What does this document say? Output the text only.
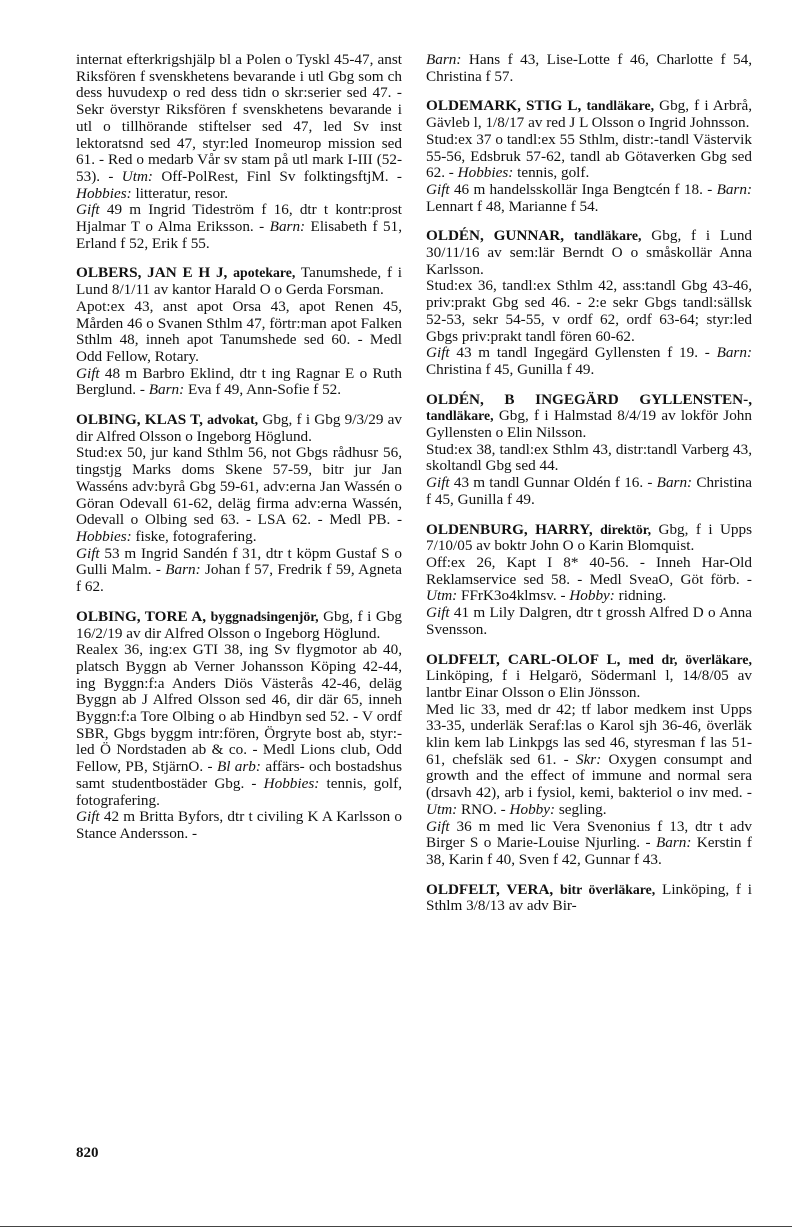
internat efterkrigshjälp bl a Polen o Tyskl 45-47, anst Riksfören f svenskhetens bevarande i utl Gbg som ch dess huvudexp o red dess tidn o skr:serier sed 47. - Sekr överstyr Riksfören f svenskhetens bevarande i utl o tillhörande stiftelser sed 47, led Sv inst lektoratsnd sed 47, styr:led Inomeurop mission sed 61. - Red o medarb Vår sv stam på utl mark I-III (52-53). - Utm: Off-PolRest, Finl Sv folktingsftjM. - Hobbies: litteratur, resor.

Gift 49 m Ingrid Tideström f 16, dtr t kontr:prost Hjalmar T o Alma Eriksson. - Barn: Elisabeth f 51, Erland f 52, Erik f 55.

OLBERS, JAN E H J, apotekare, Tanumshede, f i Lund 8/1/11 av kantor Harald O o Gerda Forsman.

Apot:ex 43, anst apot Orsa 43, apot Renen 45, Mården 46 o Svanen Sthlm 47, förtr:man apot Falken Sthlm 48, inneh apot Tanumshede sed 60. - Medl Odd Fellow, Rotary.

Gift 48 m Barbro Eklind, dtr t ing Ragnar E o Ruth Berglund. - Barn: Eva f 49, Ann-Sofie f 52.

OLBING, KLAS T, advokat, Gbg, f i Gbg 9/3/29 av dir Alfred Olsson o Ingeborg Höglund.

Stud:ex 50, jur kand Sthlm 56, not Gbgs rådhusr 56, tingstjg Marks doms Skene 57-59, bitr jur Jan Wasséns adv:byrå Gbg 59-61, adv:erna Jan Wassén o Göran Odevall 61-62, deläg firma adv:erna Wassén, Odevall o Olbing sed 63. - LSA 62. - Medl PB. - Hobbies: fiske, fotografering.

Gift 53 m Ingrid Sandén f 31, dtr t köpm Gustaf S o Gulli Malm. - Barn: Johan f 57, Fredrik f 59, Agneta f 62.

OLBING, TORE A, byggnadsingenjör, Gbg, f i Gbg 16/2/19 av dir Alfred Olsson o Ingeborg Höglund.

Realex 36, ing:ex GTI 38, ing Sv flygmotor ab 40, platsch Byggn ab Verner Johansson Köping 42-44, ing Byggn:f:a Anders Diös Västerås 42-46, deläg Byggn ab J Alfred Olsson sed 46, dir där 65, inneh Byggn:f:a Tore Olbing o ab Hindbyn sed 52. - V ordf SBR, Gbgs byggm intr:fören, Örgryte bost ab, styr:-led Ö Nordstaden ab & co. - Medl Lions club, Odd Fellow, PB, StjärnO. - Bl arb: affärs- och bostadshus samt studentbostäder Gbg. - Hobbies: tennis, golf, fotografering.

Gift 42 m Britta Byfors, dtr t civiling K A Karlsson o Stance Andersson. -

Barn: Hans f 43, Lise-Lotte f 46, Charlotte f 54, Christina f 57.

OLDEMARK, STIG L, tandläkare, Gbg, f i Arbrå, Gävleb l, 1/8/17 av red J L Olsson o Ingrid Johnsson.

Stud:ex 37 o tandl:ex 55 Sthlm, distr:-tandl Västervik 55-56, Edsbruk 57-62, tandl ab Götaverken Gbg sed 62. - Hobbies: tennis, golf.

Gift 46 m handelsskollär Inga Bengtcén f 18. - Barn: Lennart f 48, Marianne f 54.

OLDÉN, GUNNAR, tandläkare, Gbg, f i Lund 30/11/16 av sem:lär Berndt O o småskollär Anna Karlsson.

Stud:ex 36, tandl:ex Sthlm 42, ass:tandl Gbg 43-46, priv:prakt Gbg sed 46. - 2:e sekr Gbgs tandl:sällsk 52-53, sekr 54-55, v ordf 62, ordf 63-64; styr:led Gbgs priv:prakt tandl fören 60-62.

Gift 43 m tandl Ingegärd Gyllensten f 19. - Barn: Christina f 45, Gunilla f 49.

OLDÉN, B INGEGÄRD GYLLENSTEN-, tandläkare, Gbg, f i Halmstad 8/4/19 av lokför John Gyllensten o Elin Nilsson.

Stud:ex 38, tandl:ex Sthlm 43, distr:tandl Varberg 43, skoltandl Gbg sed 44.

Gift 43 m tandl Gunnar Oldén f 16. - Barn: Christina f 45, Gunilla f 49.

OLDENBURG, HARRY, direktör, Gbg, f i Upps 7/10/05 av boktr John O o Karin Blomquist.

Off:ex 26, Kapt I 8* 40-56. - Inneh Har-Old Reklamservice sed 58. - Medl SveaO, Göt förb. - Utm: FFrK3o4klmsv. - Hobby: ridning.

Gift 41 m Lily Dalgren, dtr t grossh Alfred D o Anna Svensson.

OLDFELT, CARL-OLOF L, med dr, överläkare, Linköping, f i Helgarö, Södermanl l, 14/8/05 av lantbr Einar Olsson o Elin Jönsson.

Med lic 33, med dr 42; tf labor medkem inst Upps 33-35, underläk Seraf:las o Karol sjh 36-46, överläk klin kem lab Linkpgs las sed 46, styresman f las 51-61, chefsläk sed 61. - Skr: Oxygen consumpt and growth and the effect of immune and normal sera (drsavh 42), arb i fysiol, kemi, bakteriol o inv med. - Utm: RNO. - Hobby: segling.

Gift 36 m med lic Vera Svenonius f 13, dtr t adv Birger S o Marie-Louise Njurling. - Barn: Kerstin f 38, Karin f 40, Sven f 42, Gunnar f 43.

OLDFELT, VERA, bitr överläkare, Linköping, f i Sthlm 3/8/13 av adv Bir-

820
